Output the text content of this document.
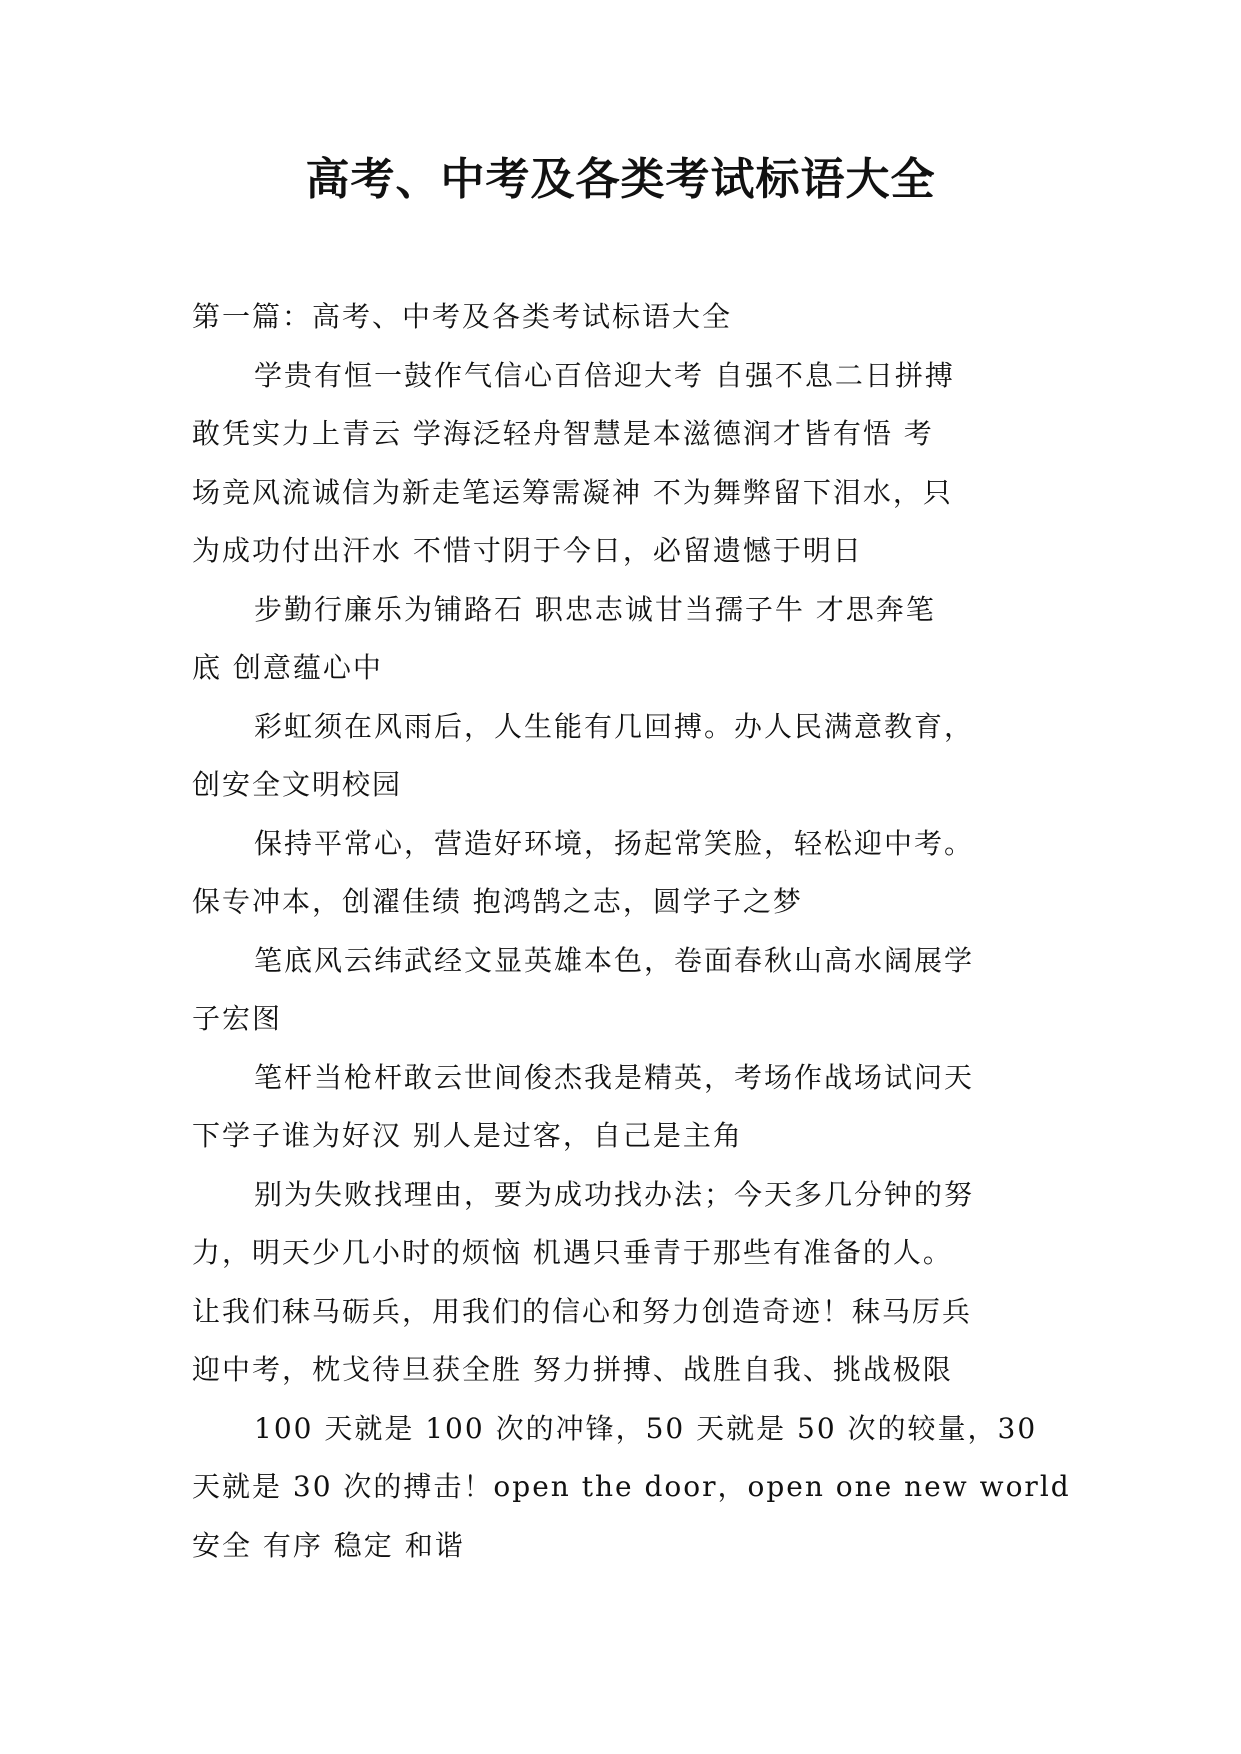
高考、中考及各类考试标语大全

第一篇：高考、中考及各类考试标语大全

学贵有恒一鼓作气信心百倍迎大考 自强不息二日拼搏

敢凭实力上青云 学海泛轻舟智慧是本滋德润才皆有悟 考

场竞风流诚信为新走笔运筹需凝神 不为舞弊留下泪水，只

为成功付出汗水 不惜寸阴于今日，必留遗憾于明日

步勤行廉乐为铺路石 职忠志诚甘当孺子牛 才思奔笔

底 创意蕴心中

彩虹须在风雨后，人生能有几回搏。办人民满意教育，

创安全文明校园

保持平常心，营造好环境，扬起常笑脸，轻松迎中考。

保专冲本，创濯佳绩 抱鸿鹄之志，圆学子之梦

笔底风云纬武经文显英雄本色，卷面春秋山高水阔展学

子宏图

笔杆当枪杆敢云世间俊杰我是精英，考场作战场试问天

下学子谁为好汉 别人是过客，自己是主角

别为失败找理由，要为成功找办法；今天多几分钟的努

力，明天少几小时的烦恼 机遇只垂青于那些有准备的人。

让我们秣马砺兵，用我们的信心和努力创造奇迹！秣马厉兵

迎中考，枕戈待旦获全胜 努力拼搏、战胜自我、挑战极限

100 天就是 100 次的冲锋，50 天就是 50 次的较量，30

天就是 30 次的搏击！open the door，open one new world

安全 有序 稳定 和谐
